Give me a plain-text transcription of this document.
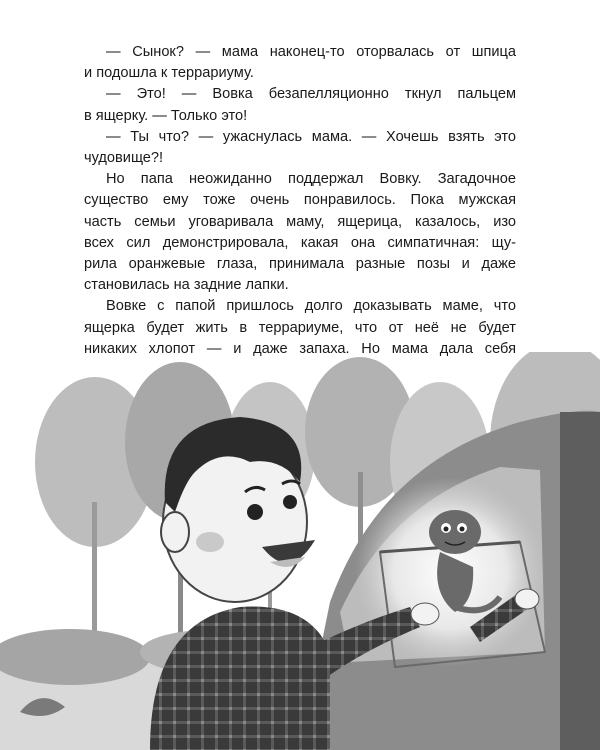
— Сынок? — мама наконец-то оторвалась от шпица
и подошла к террариуму.

— Это! — Вовка безапелляционно ткнул пальцем
в ящерку. — Только это!

— Ты что? — ужаснулась мама. — Хочешь взять это
чудовище?!

Но папа неожиданно поддержал Вовку. Загадочное
существо ему тоже очень понравилось. Пока мужская
часть семьи уговаривала маму, ящерица, казалось, изо
всех сил демонстрировала, какая она симпатичная: щу-
рила оранжевые глаза, принимала разные позы и даже
становилась на задние лапки.

Вовке с папой пришлось долго доказывать маме, что
ящерка будет жить в террариуме, что от неё не будет
никаких хлопот — и даже запаха. Но мама дала себя
